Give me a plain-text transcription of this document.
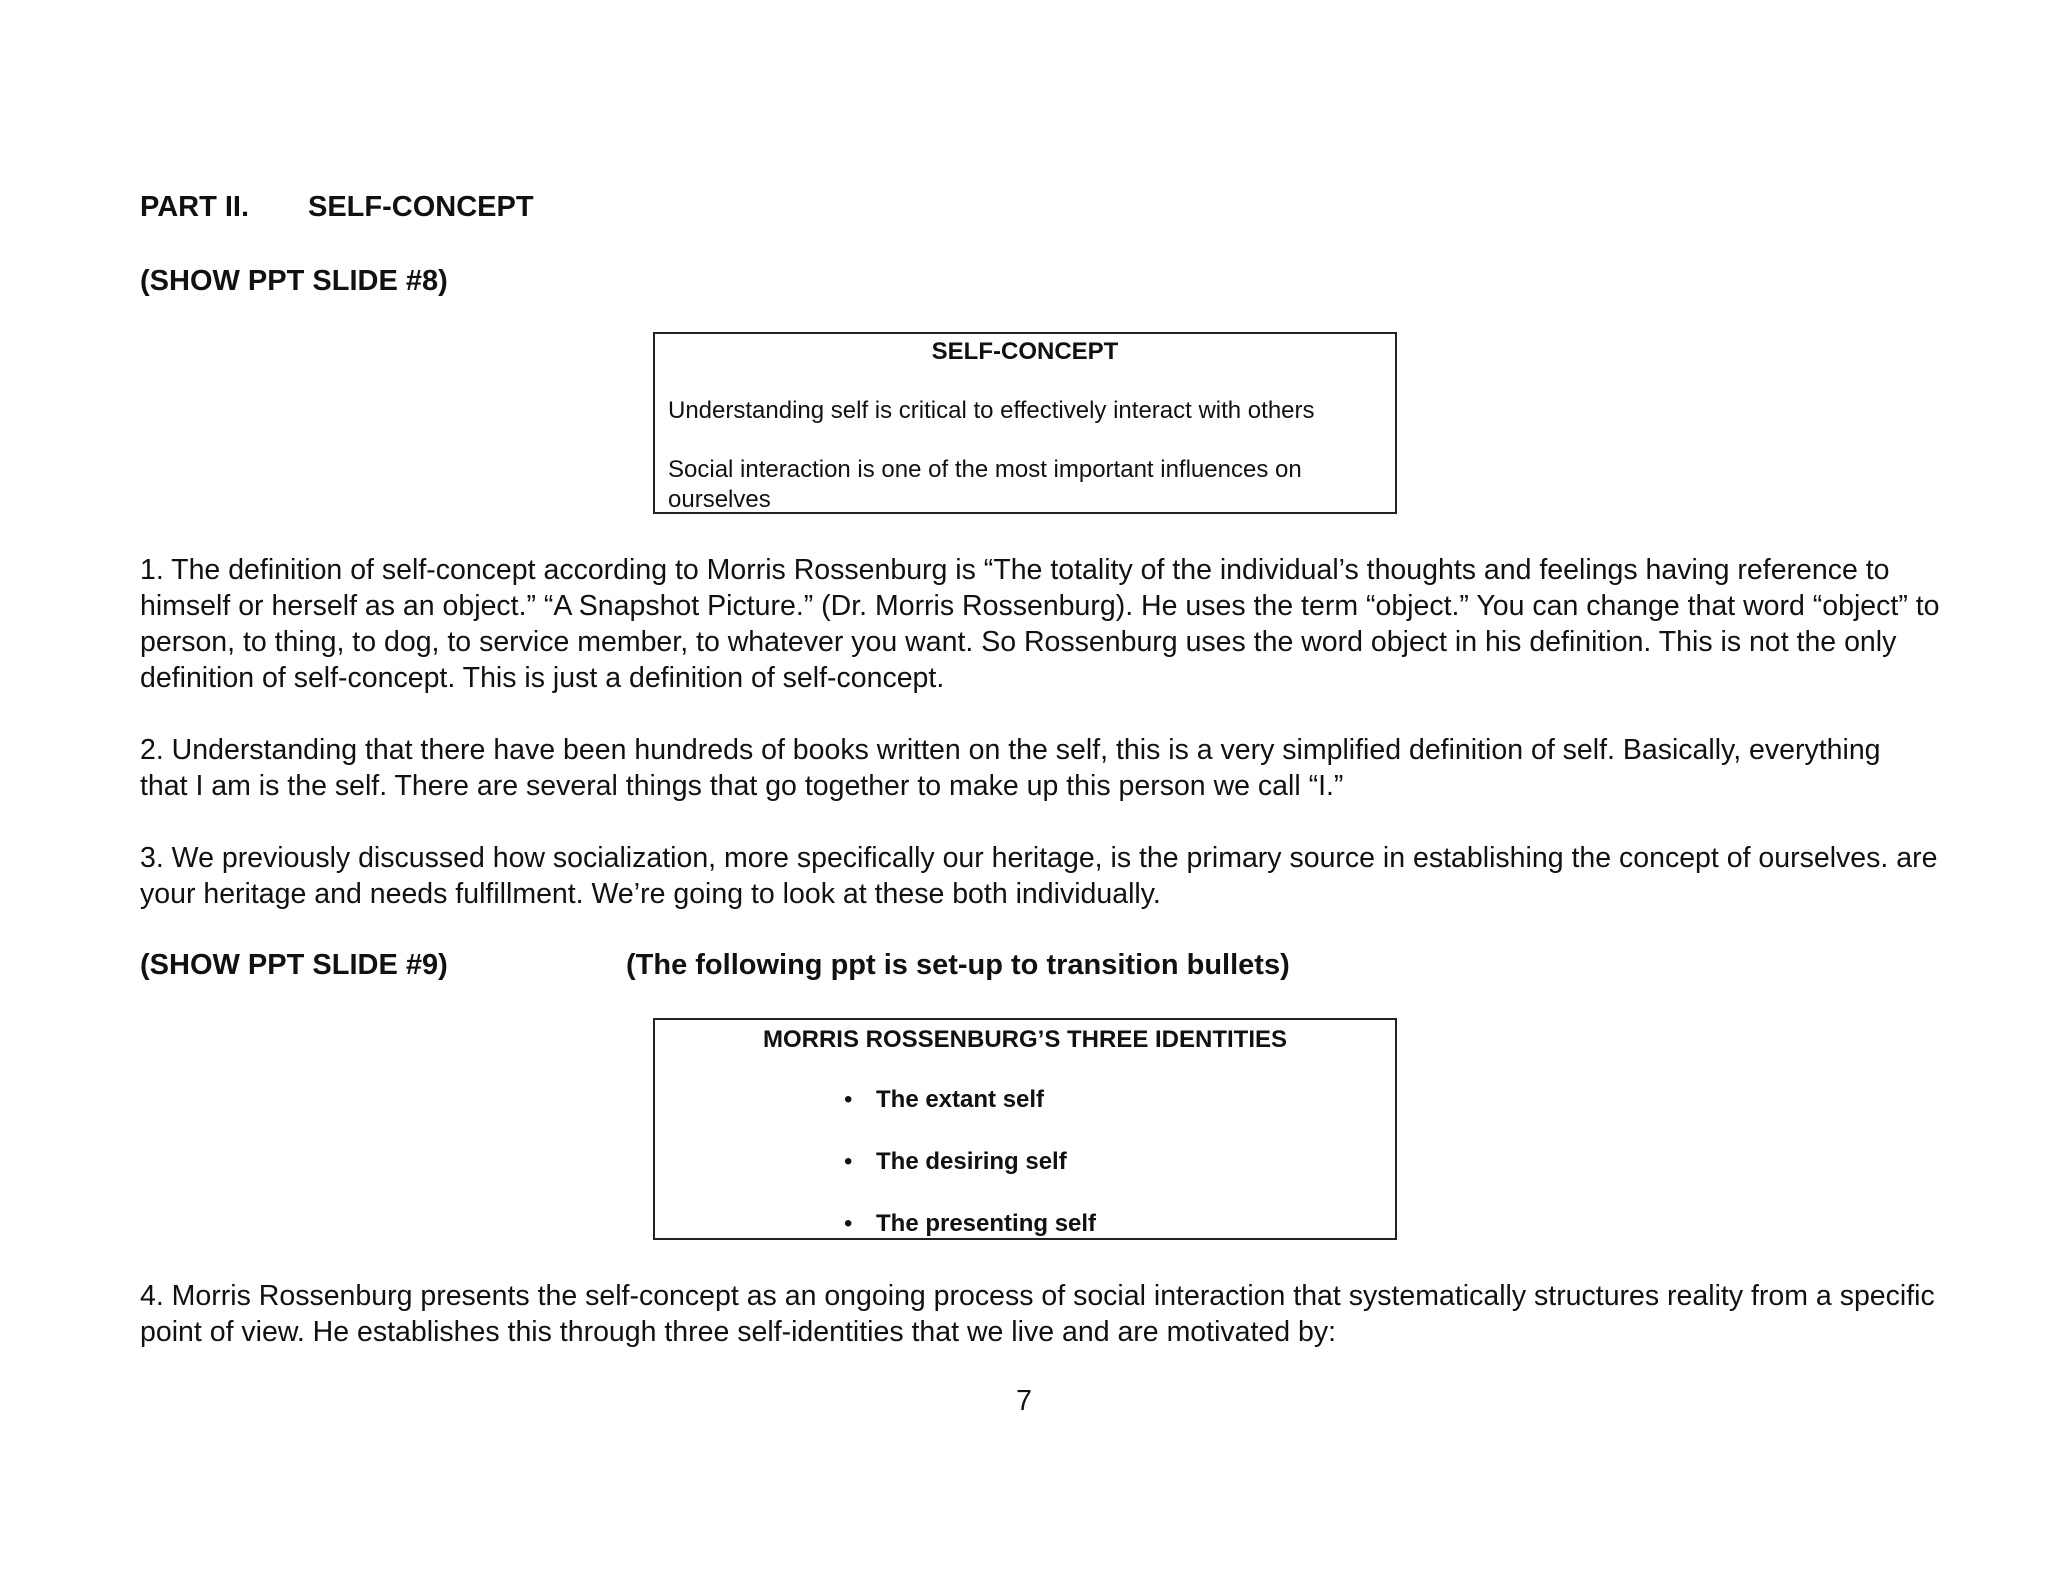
PART II. SELF-CONCEPT
(SHOW PPT SLIDE #8)
SELF-CONCEPT
Understanding self is critical to effectively interact with others
Social interaction is one of the most important influences on ourselves
1. The definition of self-concept according to Morris Rossenburg is “The totality of the individual’s thoughts and feelings having reference to himself or herself as an object.” “A Snapshot Picture.” (Dr. Morris Rossenburg). He uses the term “object.” You can change that word “object” to person, to thing, to dog, to service member, to whatever you want. So Rossenburg uses the word object in his definition. This is not the only definition of self-concept. This is just a definition of self-concept.
2. Understanding that there have been hundreds of books written on the self, this is a very simplified definition of self. Basically, everything that I am is the self. There are several things that go together to make up this person we call “I.”
3. We previously discussed how socialization, more specifically our heritage, is the primary source in establishing the concept of ourselves. are your heritage and needs fulfillment. We’re going to look at these both individually.
(SHOW PPT SLIDE #9)	(The following ppt is set-up to transition bullets)
MORRIS ROSSENBURG’S THREE IDENTITIES
• The extant self
• The desiring self
• The presenting self
4. Morris Rossenburg presents the self-concept as an ongoing process of social interaction that systematically structures reality from a specific point of view. He establishes this through three self-identities that we live and are motivated by:
7
